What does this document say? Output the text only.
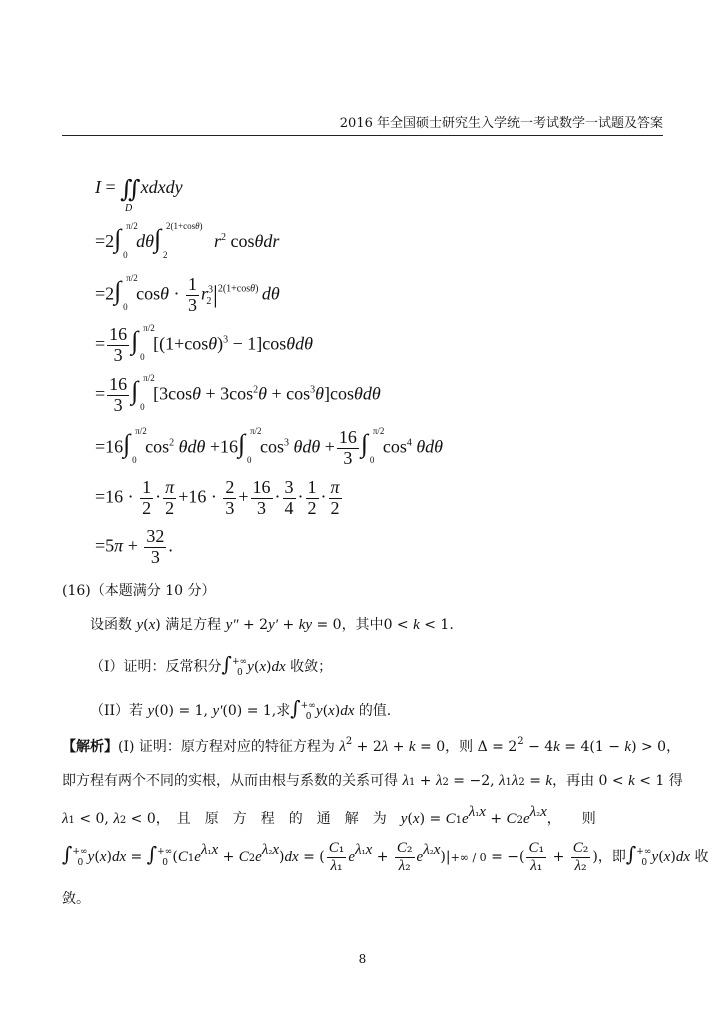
2016 年全国硕士研究生入学统一考试数学一试题及答案
I = ∬xdxdy
D
=2 ∫ π/2
0
dθ ∫ 2(1+cosθ)
2
$r^2$ cosθdr
=2 ∫ π/2
0
$\cos\theta \cdot \frac{1}{3} r^3|^{2(1+cos\theta)}_2$	dθ
= $\frac{16}{3}$ ∫ π/2
0
$[(1+\cos\theta)^3 - 1]\cos\theta d\theta$
= $\frac{16}{3}$ ∫ π/2
0
$[3\cos\theta + 3\cos^2\theta + \cos^3\theta]\cos\theta d\theta$
=16 ∫ π/2
0
$\cos^2 \theta d\theta +16$ ∫ π/2
0
$\cos^3 \theta d\theta + \frac{16}{3}$ ∫ π/2
0
$\cos^4 \theta d\theta$
$=16 \cdot \frac{1}{2} \cdot \frac{\pi}{2} +16 \cdot \frac{2}{3} + \frac{16}{3} \cdot \frac{3}{4} \cdot \frac{1}{2} \cdot \frac{\pi}{2}$
$=5\pi + \frac{32}{3}$ .
(16)（本题满分 10 分）
设函数 y(x) 满足方程 y″ + 2y′ + ky = 0，其中0 < k < 1.
（I）证明：反常积分$\int^{+\infty}_0$ y(x)dx 收敛；
（II）若 y(0) = 1, y′(0) = 1,求$\int^{+\infty}_0$ y(x)dx 的值.
【解析】(I) 证明：原方程对应的特征方程为 $\lambda^2 + 2\lambda + k = 0$，则 $\Delta = 2^2 - 4k = 4(1 - k) > 0$，
即方程有两个不同的实根，从而由根与系数的关系可得 λ1 + λ2 = −2, λ1λ2 = k，再由 0 < k < 1 得
λ1 < 0, λ2 < 0，　且　原　方　程　的　通　解　为　 $y(x) = C1e^{\lambda_1x} + C2e^{\lambda_2x}$，　　则
$\int^{+\infty}_0$ $y(x)dx = \int^{+\infty}_0$ $(C1e^{\lambda_1x} + C2e^{\lambda_2x})dx$ = ( $\frac{\text{C₁}}{\text{λ₁}} e^{\lambda_1x} + \frac{\text{C₂}}{\text{λ₂}} e^{\lambda_2x})|+\infty / 0$ = −( $\frac{\text{C₁}}{\text{λ₁}} + \frac{\text{C₂}}{\text{λ₂}}$ )，即$\int^{+\infty}_0$ y(x)dx 收
敛。
8
